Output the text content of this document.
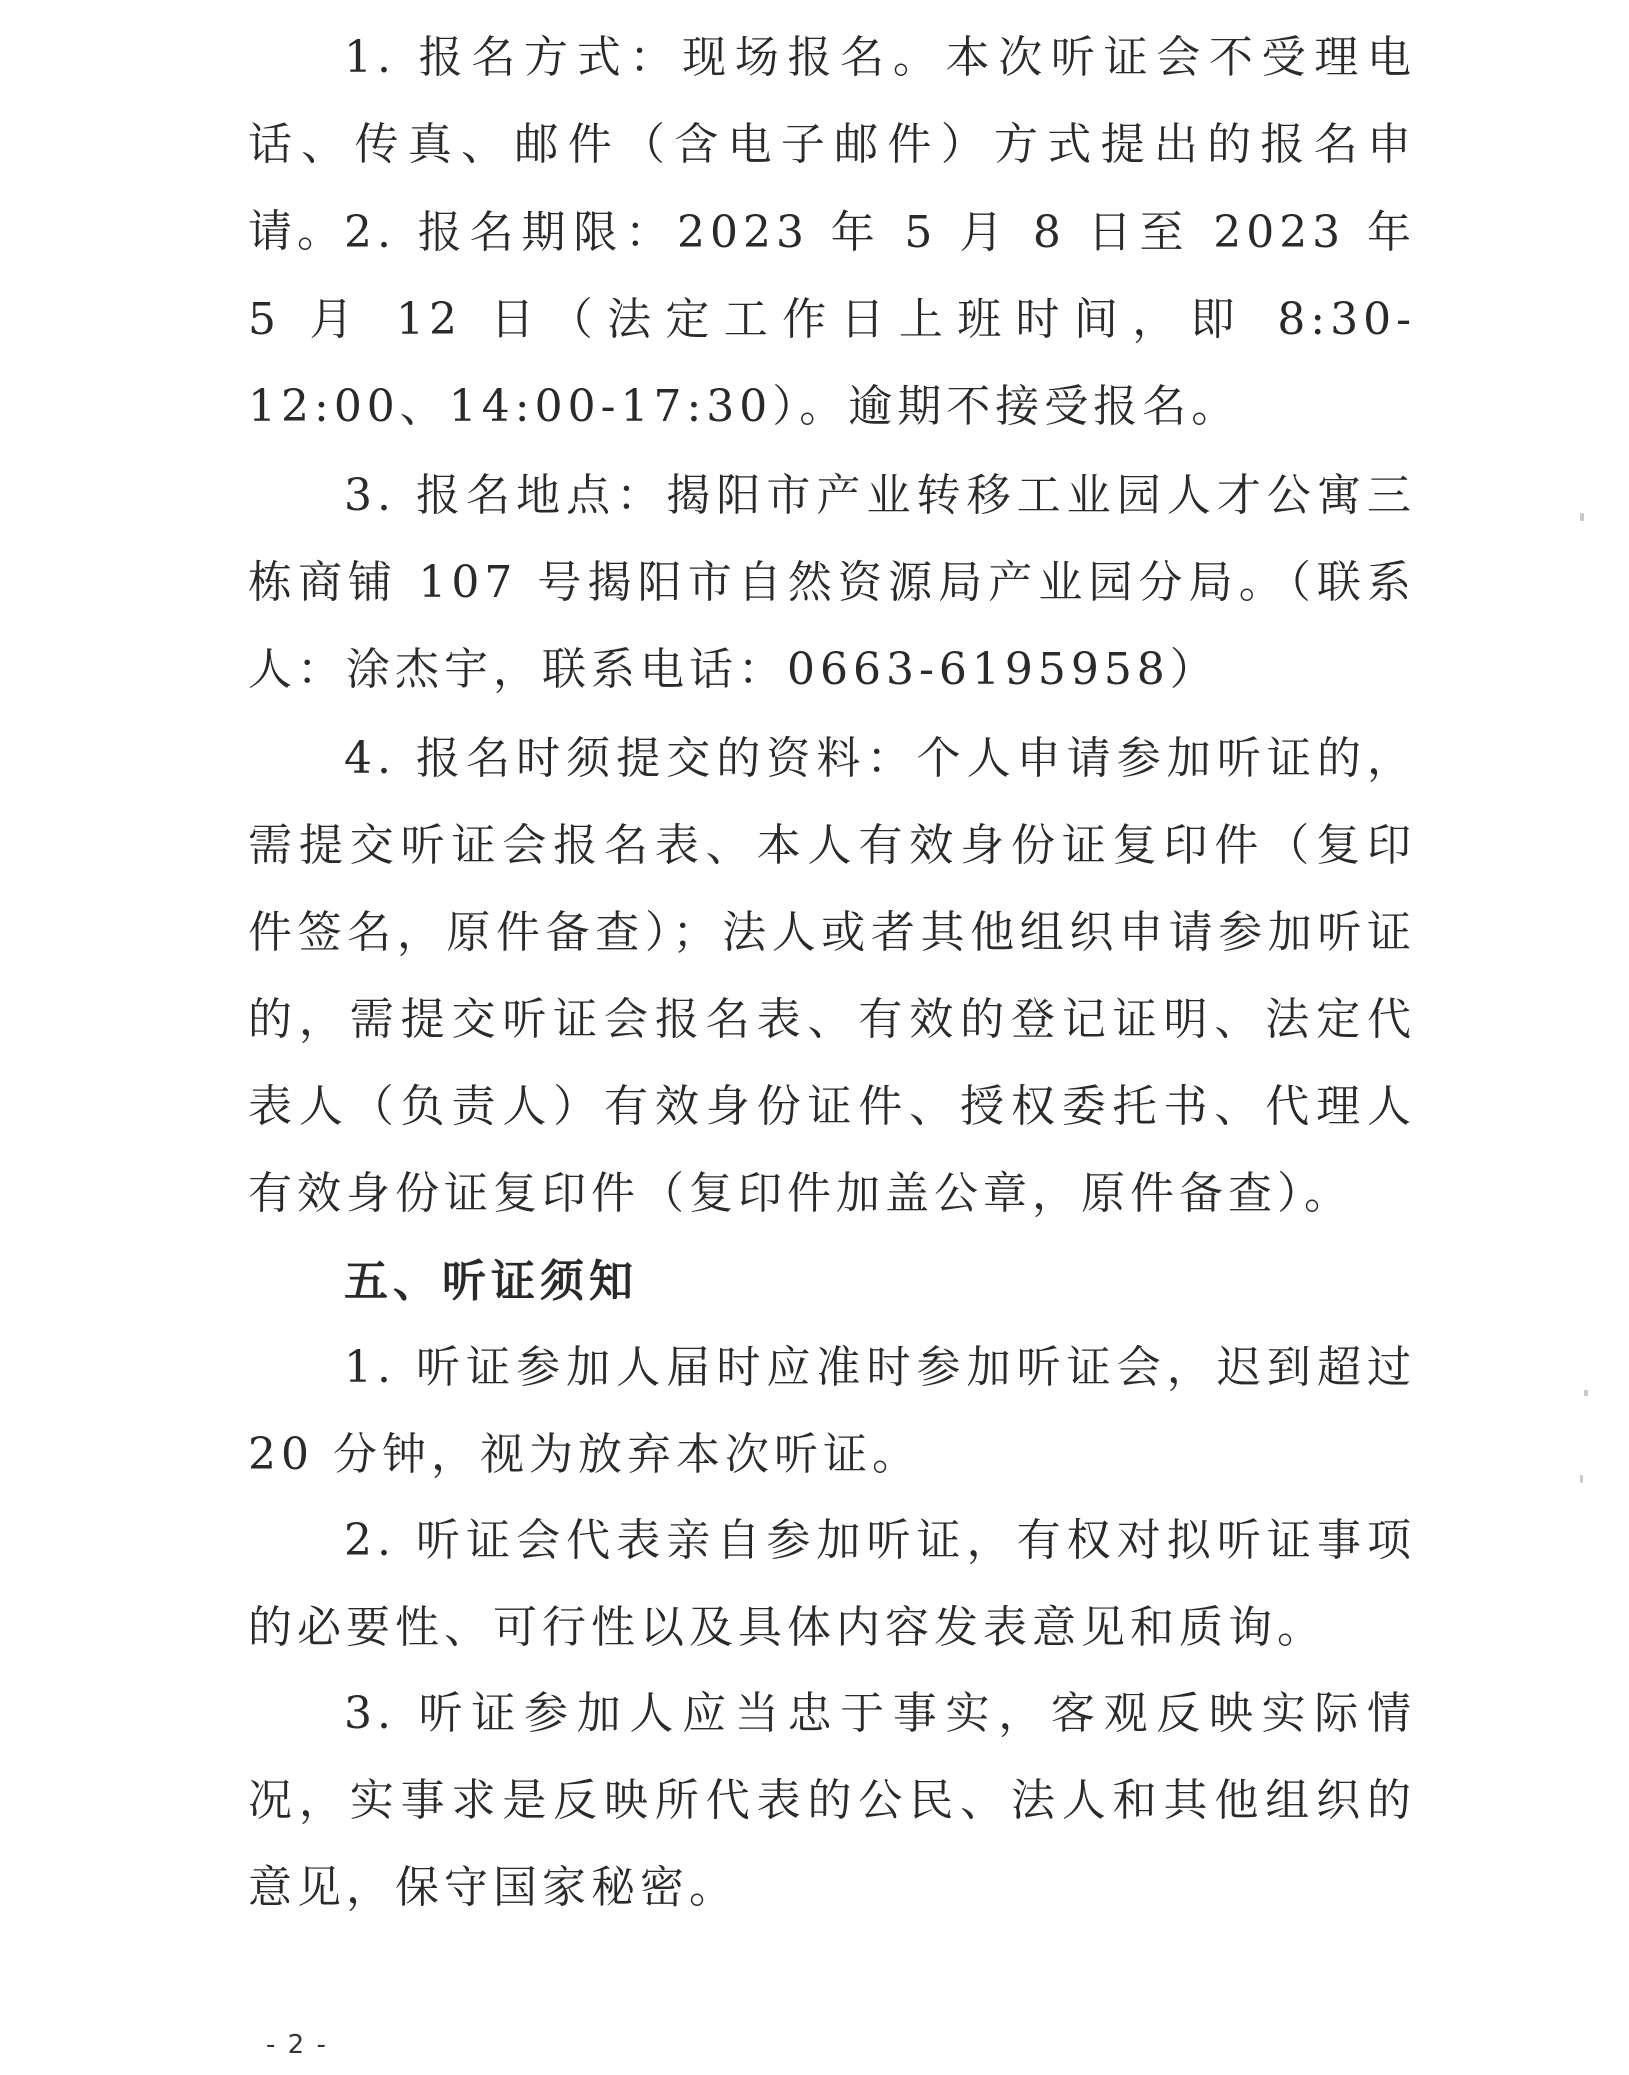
1. 报名方式：现场报名。本次听证会不受理电话、传真、邮件（含电子邮件）方式提出的报名申请。

2. 报名期限：2023 年 5 月 8 日至 2023 年 5 月 12 日（法定工作日上班时间，即 8:30-12:00、14:00-17:30）。逾期不接受报名。

3. 报名地点：揭阳市产业转移工业园人才公寓三栋商铺 107 号揭阳市自然资源局产业园分局。（联系人：涂杰宇，联系电话：0663-6195958）

4. 报名时须提交的资料：个人申请参加听证的，需提交听证会报名表、本人有效身份证复印件（复印件签名，原件备查）；法人或者其他组织申请参加听证的，需提交听证会报名表、有效的登记证明、法定代表人（负责人）有效身份证件、授权委托书、代理人有效身份证复印件（复印件加盖公章，原件备查）。

五、听证须知

1. 听证参加人届时应准时参加听证会，迟到超过 20 分钟，视为放弃本次听证。

2. 听证会代表亲自参加听证，有权对拟听证事项的必要性、可行性以及具体内容发表意见和质询。

3. 听证参加人应当忠于事实，客观反映实际情况，实事求是反映所代表的公民、法人和其他组织的意见，保守国家秘密。

- 2 -
